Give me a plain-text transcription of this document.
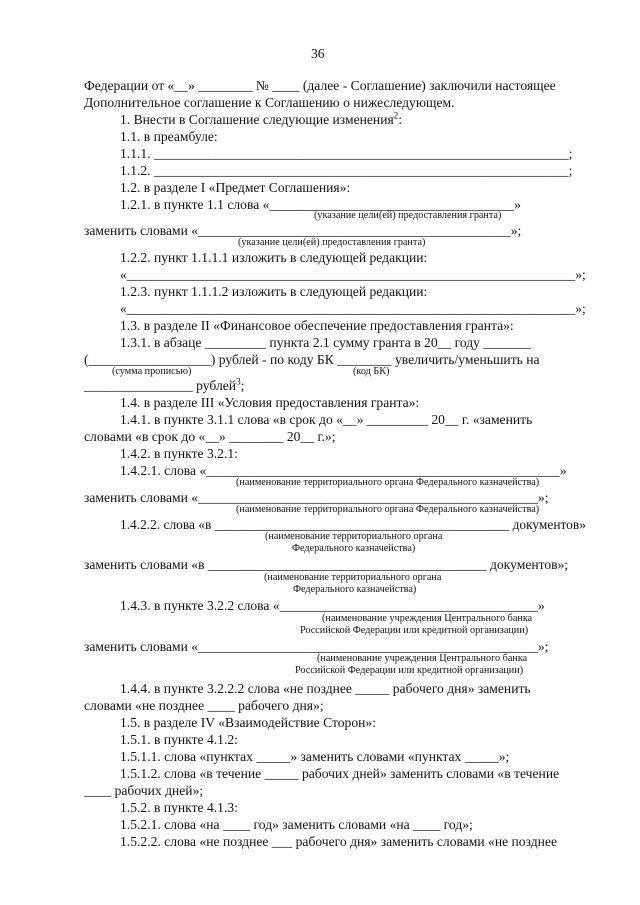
36
Федерации от «__» ________ № ____ (далее - Соглашение) заключили настоящее
Дополнительное соглашение к Соглашению о нижеследующем.
1. Внести в Соглашение следующие изменения$^2$:
1.1. в преамбуле:
1.1.1. _____________________________________________________________;
1.1.2. _____________________________________________________________;
1.2. в разделе I «Предмет Соглашения»:
1.2.1. в пункте 1.1 слова «____________________________________»
(указание цели(ей) предоставления гранта)
заменить словами «______________________________________________»;
(указание цели(ей) предоставления гранта)
1.2.2. пункт 1.1.1.1 изложить в следующей редакции:
«___________________________________________________________________»;
1.2.3. пункт 1.1.1.2 изложить в следующей редакции:
«___________________________________________________________________»;
1.3. в разделе II «Финансовое обеспечение предоставления гранта»:
1.3.1. в абзаце _________ пункта 2.1 сумму гранта в 20__ году _______
(__________________) рублей - по коду БК ________ увеличить/уменьшить на
(сумма прописью)	(код БК)
________________ рублей$^3$;
1.4. в разделе III «Условия предоставления гранта»:
1.4.1. в пункте 3.1.1 слова «в срок до «__» _________ 20__ г. «заменить
словами «в срок до «__» ________ 20__ г.»;
1.4.2. в пункте 3.2.1:
1.4.2.1. слова «____________________________________________________»
(наименование территориального органа Федерального казначейства)
заменить словами «__________________________________________________»;
(наименование территориального органа Федерального казначейства)
1.4.2.2. слова «в ____________________________________________ документов»
(наименование территориального органа
Федерального казначейства)
заменить словами «в _________________________________________ документов»;
(наименование территориального органа
Федерального казначейства)
1.4.3. в пункте 3.2.2 слова «______________________________________»
(наименование учреждения Центрального банка
Российской Федерации или кредитной организации)
заменить словами «__________________________________________________»;
(наименование учреждения Центрального банка
Российской Федерации или кредитной организации)
1.4.4. в пункте 3.2.2.2 слова «не позднее _____ рабочего дня» заменить
словами «не позднее ____ рабочего дня»;
1.5. в разделе IV «Взаимодействие Сторон»:
1.5.1. в пункте 4.1.2:
1.5.1.1. слова «пунктах _____» заменить словами «пунктах _____»;
1.5.1.2. слова «в течение _____ рабочих дней» заменить словами «в течение
____ рабочих дней»;
1.5.2. в пункте 4.1.3:
1.5.2.1. слова «на ____ год» заменить словами «на ____ год»;
1.5.2.2. слова «не позднее ___ рабочего дня» заменить словами «не позднее
